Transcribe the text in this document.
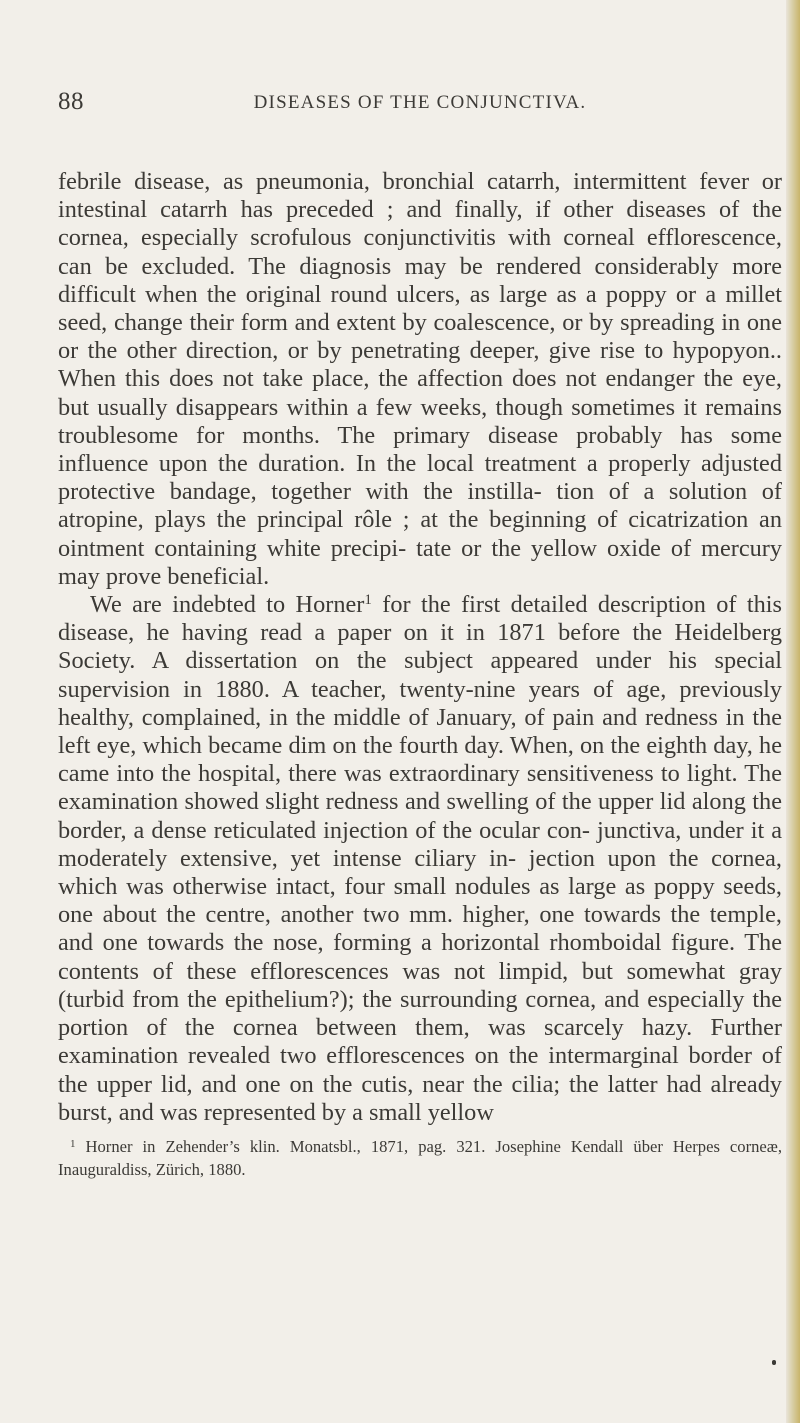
88	DISEASES OF THE CONJUNCTIVA.

febrile disease, as pneumonia, bronchial catarrh, intermittent fever or intestinal catarrh has preceded ; and finally, if other diseases of the cornea, especially scrofulous conjunctivitis with corneal efflorescence, can be excluded. The diagnosis may be rendered considerably more difficult when the original round ulcers, as large as a poppy or a millet seed, change their form and extent by coalescence, or by spreading in one or the other direction, or by penetrating deeper, give rise to hypopyon.. When this does not take place, the affection does not endanger the eye, but usually disappears within a few weeks, though sometimes it remains troublesome for months. The primary disease probably has some influence upon the duration. In the local treatment a properly adjusted protective bandage, together with the instilla- tion of a solution of atropine, plays the principal rôle ; at the beginning of cicatrization an ointment containing white precipi- tate or the yellow oxide of mercury may prove beneficial.

We are indebted to Horner$^1$ for the first detailed description of this disease, he having read a paper on it in 1871 before the Heidelberg Society. A dissertation on the subject appeared under his special supervision in 1880. A teacher, twenty-nine years of age, previously healthy, complained, in the middle of January, of pain and redness in the left eye, which became dim on the fourth day. When, on the eighth day, he came into the hospital, there was extraordinary sensitiveness to light. The examination showed slight redness and swelling of the upper lid along the border, a dense reticulated injection of the ocular con- junctiva, under it a moderately extensive, yet intense ciliary in- jection upon the cornea, which was otherwise intact, four small nodules as large as poppy seeds, one about the centre, another two mm. higher, one towards the temple, and one towards the nose, forming a horizontal rhomboidal figure. The contents of these efflorescences was not limpid, but somewhat gray (turbid from the epithelium?); the surrounding cornea, and especially the portion of the cornea between them, was scarcely hazy. Further examination revealed two efflorescences on the intermarginal border of the upper lid, and one on the cutis, near the cilia; the latter had already burst, and was represented by a small yellow

$^1$ Horner in Zehender’s klin. Monatsbl., 1871, pag. 321. Josephine Kendall über Herpes corneæ, Inauguraldiss, Zürich, 1880.
